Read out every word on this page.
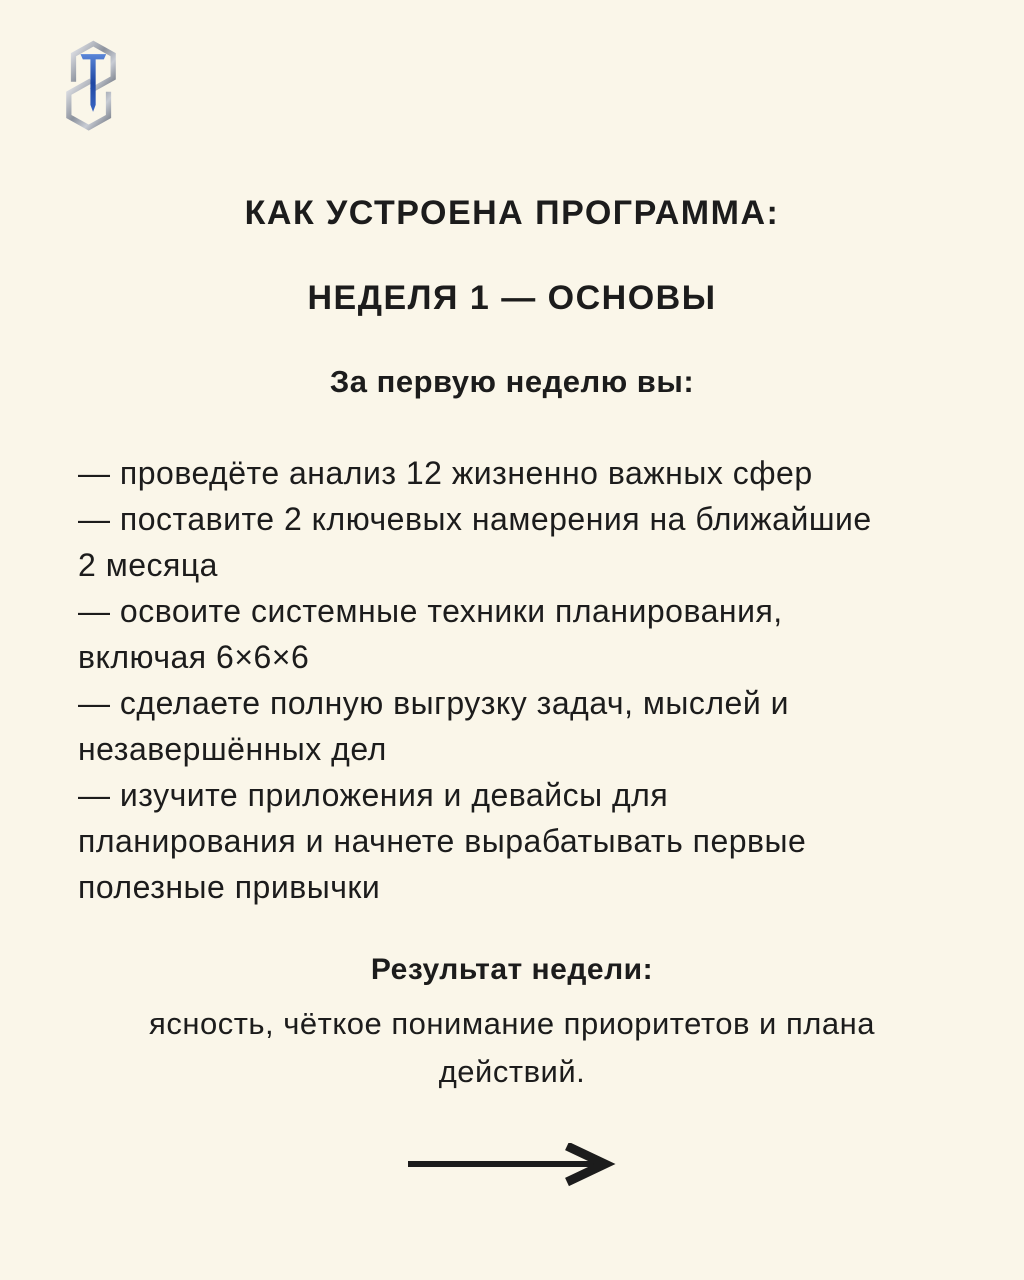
КАК УСТРОЕНА ПРОГРАММА:
НЕДЕЛЯ 1 — ОСНОВЫ
За первую неделю вы:
— проведёте анализ 12 жизненно важных сфер
— поставите 2 ключевых намерения на ближайшие
2 месяца
— освоите системные техники планирования,
включая 6×6×6
— сделаете полную выгрузку задач, мыслей и
незавершённых дел
— изучите приложения и девайсы для
планирования и начнете вырабатывать первые
полезные привычки
Результат недели:
ясность, чёткое понимание приоритетов и плана
действий.
